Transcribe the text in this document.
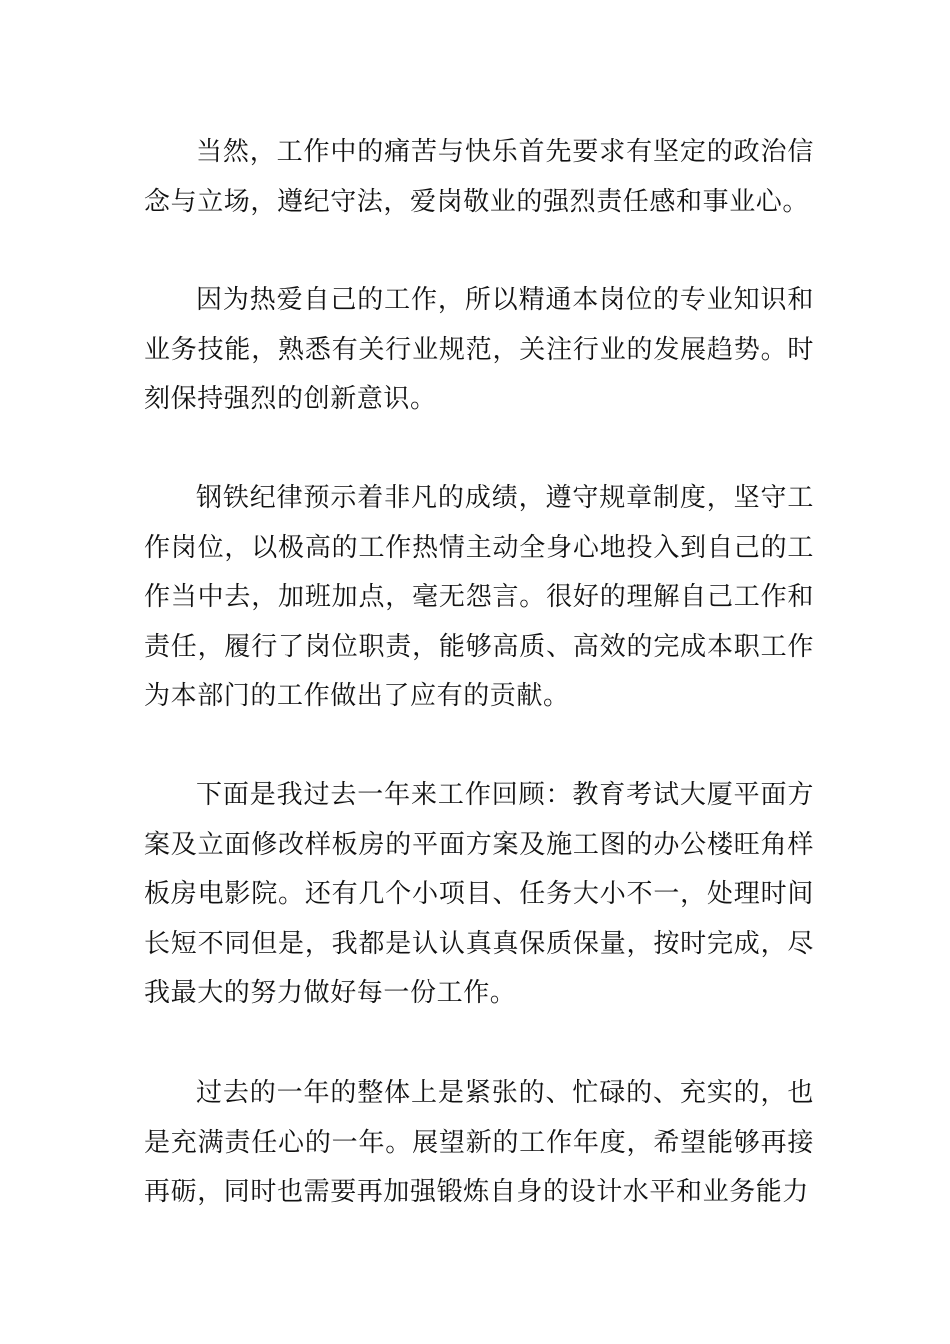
当然，工作中的痛苦与快乐首先要求有坚定的政治信念与立场，遵纪守法，爱岗敬业的强烈责任感和事业心。

因为热爱自己的工作，所以精通本岗位的专业知识和业务技能，熟悉有关行业规范，关注行业的发展趋势。时刻保持强烈的创新意识。

钢铁纪律预示着非凡的成绩，遵守规章制度，坚守工作岗位，以极高的工作热情主动全身心地投入到自己的工作当中去，加班加点，毫无怨言。很好的理解自己工作和责任，履行了岗位职责，能够高质、高效的完成本职工作为本部门的工作做出了应有的贡献。

下面是我过去一年来工作回顾：教育考试大厦平面方案及立面修改样板房的平面方案及施工图的办公楼旺角样板房电影院。还有几个小项目、任务大小不一，处理时间长短不同但是，我都是认认真真保质保量，按时完成，尽我最大的努力做好每一份工作。

过去的一年的整体上是紧张的、忙碌的、充实的，也是充满责任心的一年。展望新的工作年度，希望能够再接再砺，同时也需要再加强锻炼自身的设计水平和业务能力
